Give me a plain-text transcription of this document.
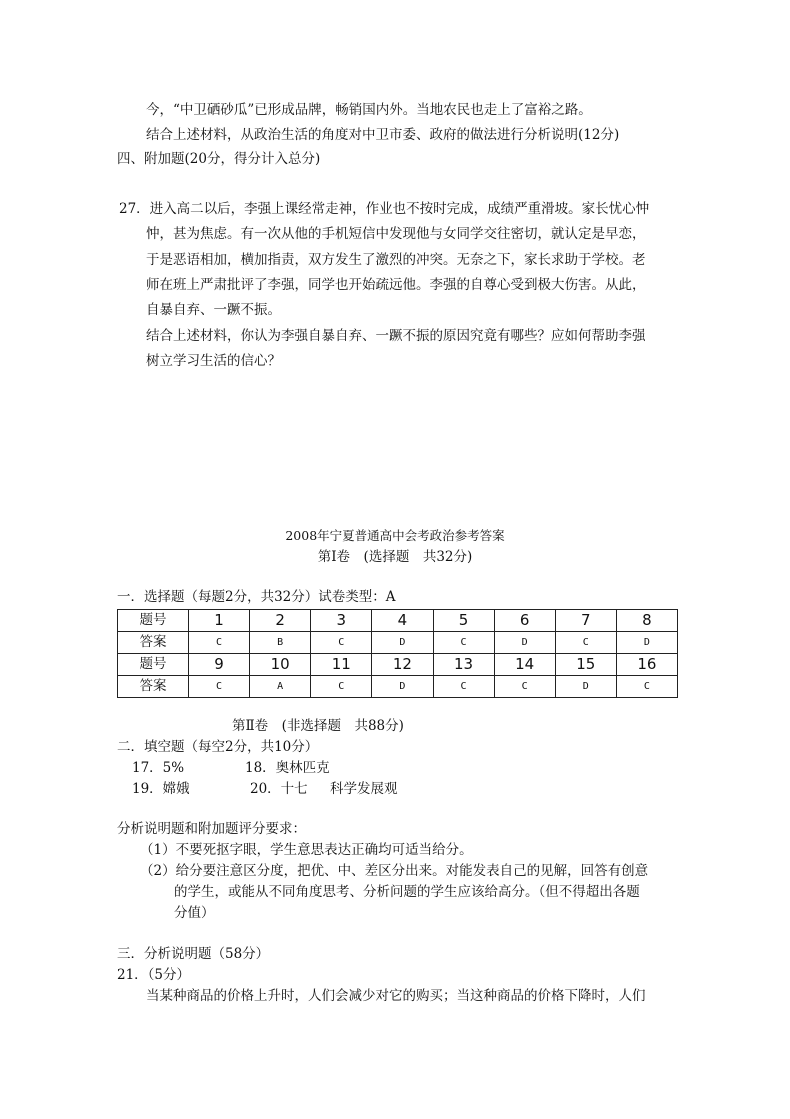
今，“中卫硒砂瓜”已形成品牌，畅销国内外。当地农民也走上了富裕之路。
结合上述材料，从政治生活的角度对中卫市委、政府的做法进行分析说明(12分)
四、附加题(20分，得分计入总分)
27．进入高二以后，李强上课经常走神，作业也不按时完成，成绩严重滑坡。家长忧心忡
忡，甚为焦虑。有一次从他的手机短信中发现他与女同学交往密切，就认定是早恋，
于是恶语相加，横加指责，双方发生了激烈的冲突。无奈之下，家长求助于学校。老
师在班上严肃批评了李强，同学也开始疏远他。李强的自尊心受到极大伤害。从此，
自暴自弃、一蹶不振。
结合上述材料，你认为李强自暴自弃、一蹶不振的原因究竟有哪些？应如何帮助李强
树立学习生活的信心？
2008年宁夏普通高中会考政治参考答案
第Ⅰ卷　(选择题　共32分)
一．选择题（每题2分，共32分）试卷类型：A
题号	1	2	3	4	5	6	7	8
答案	C	B	C	D	C	D	C	D
题号	9	10	11	12	13	14	15	16
答案	C	A	C	D	C	C	D	C
第Ⅱ卷　(非选择题　共88分)
二．填空题（每空2分，共10分）
17．5%	18．奥林匹克
19．嫦娥	20．十七 科学发展观
分析说明题和附加题评分要求：
（1）不要死抠字眼，学生意思表达正确均可适当给分。
（2）给分要注意区分度，把优、中、差区分出来。对能发表自己的见解，回答有创意
的学生，或能从不同角度思考、分析问题的学生应该给高分。（但不得超出各题
分值）
三．分析说明题（58分）
21．（5分）
当某种商品的价格上升时，人们会减少对它的购买；当这种商品的价格下降时，人们
